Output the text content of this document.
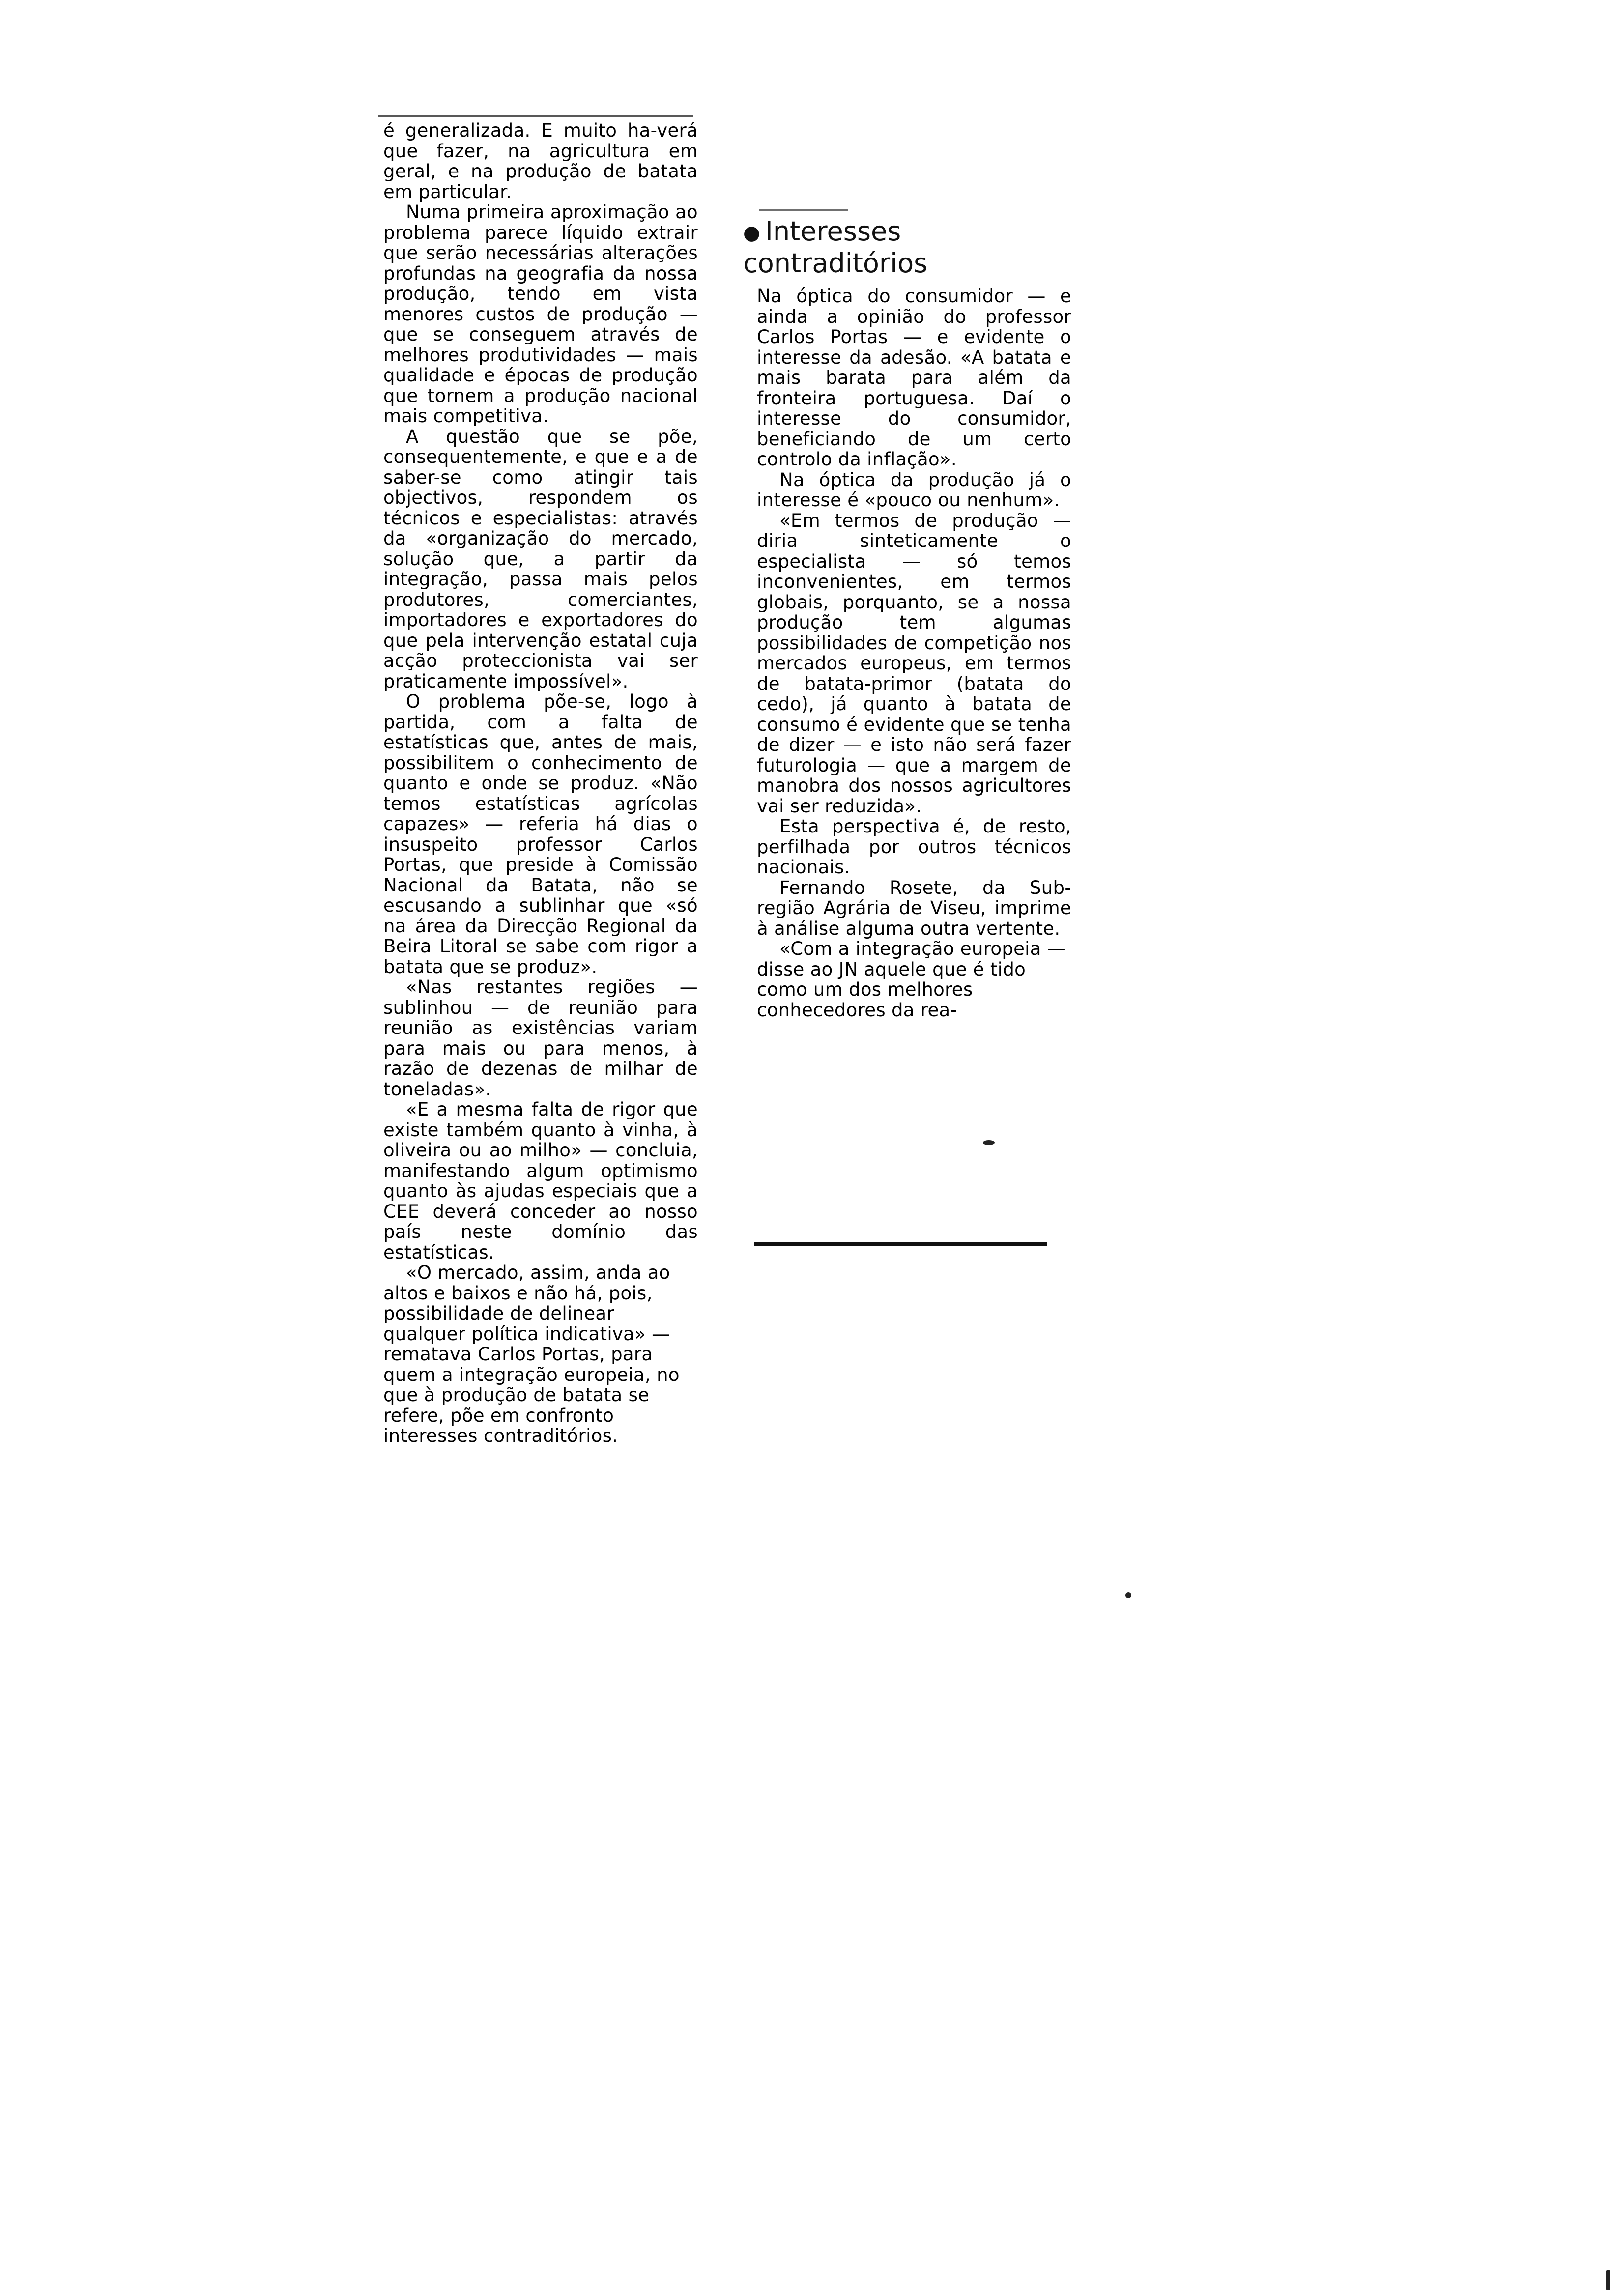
é generalizada. E muito ha-verá que fazer, na agricultura em geral, e na produção de batata em particular.

Numa primeira aproximação ao problema parece líquido extrair que serão necessárias alterações profundas na geografia da nossa produção, tendo em vista menores custos de produção — que se conseguem através de melhores produtividades — mais qualidade e épocas de produção que tornem a produção nacional mais competitiva.

A questão que se põe, consequentemente, e que e a de saber-se como atingir tais objectivos, respondem os técnicos e especialistas: através da «organização do mercado, solução que, a partir da integração, passa mais pelos produtores, comerciantes, importadores e exportadores do que pela intervenção estatal cuja acção proteccionista vai ser praticamente impossível».

O problema põe-se, logo à partida, com a falta de estatísticas que, antes de mais, possibilitem o conhecimento de quanto e onde se produz. «Não temos estatísticas agrícolas capazes» — referia há dias o insuspeito professor Carlos Portas, que preside à Comissão Nacional da Batata, não se escusando a sublinhar que «só na área da Direcção Regional da Beira Litoral se sabe com rigor a batata que se produz».

«Nas restantes regiões — sublinhou — de reunião para reunião as existências variam para mais ou para menos, à razão de dezenas de milhar de toneladas».

«E a mesma falta de rigor que existe também quanto à vinha, à oliveira ou ao milho» — concluia, manifestando algum optimismo quanto às ajudas especiais que a CEE deverá conceder ao nosso país neste domínio das estatísticas.

«O mercado, assim, anda ao altos e baixos e não há, pois, possibilidade de delinear qualquer política indicativa» — rematava Carlos Portas, para quem a integração europeia, no que à produção de batata se refere, põe em confronto interesses contraditórios.

● Interesses contraditórios

Na óptica do consumidor — e ainda a opinião do professor Carlos Portas — e evidente o interesse da adesão. «A batata e mais barata para além da fronteira portuguesa. Daí o interesse do consumidor, beneficiando de um certo controlo da inflação».

Na óptica da produção já o interesse é «pouco ou nenhum».

«Em termos de produção — diria sinteticamente o especialista — só temos inconvenientes, em termos globais, porquanto, se a nossa produção tem algumas possibilidades de competição nos mercados europeus, em termos de batata-primor (batata do cedo), já quanto à batata de consumo é evidente que se tenha de dizer — e isto não será fazer futurologia — que a margem de manobra dos nossos agricultores vai ser reduzida».

Esta perspectiva é, de resto, perfilhada por outros técnicos nacionais.

Fernando Rosete, da Sub-região Agrária de Viseu, imprime à análise alguma outra vertente.

«Com a integração europeia — disse ao JN aquele que é tido como um dos melhores conhecedores da rea-
